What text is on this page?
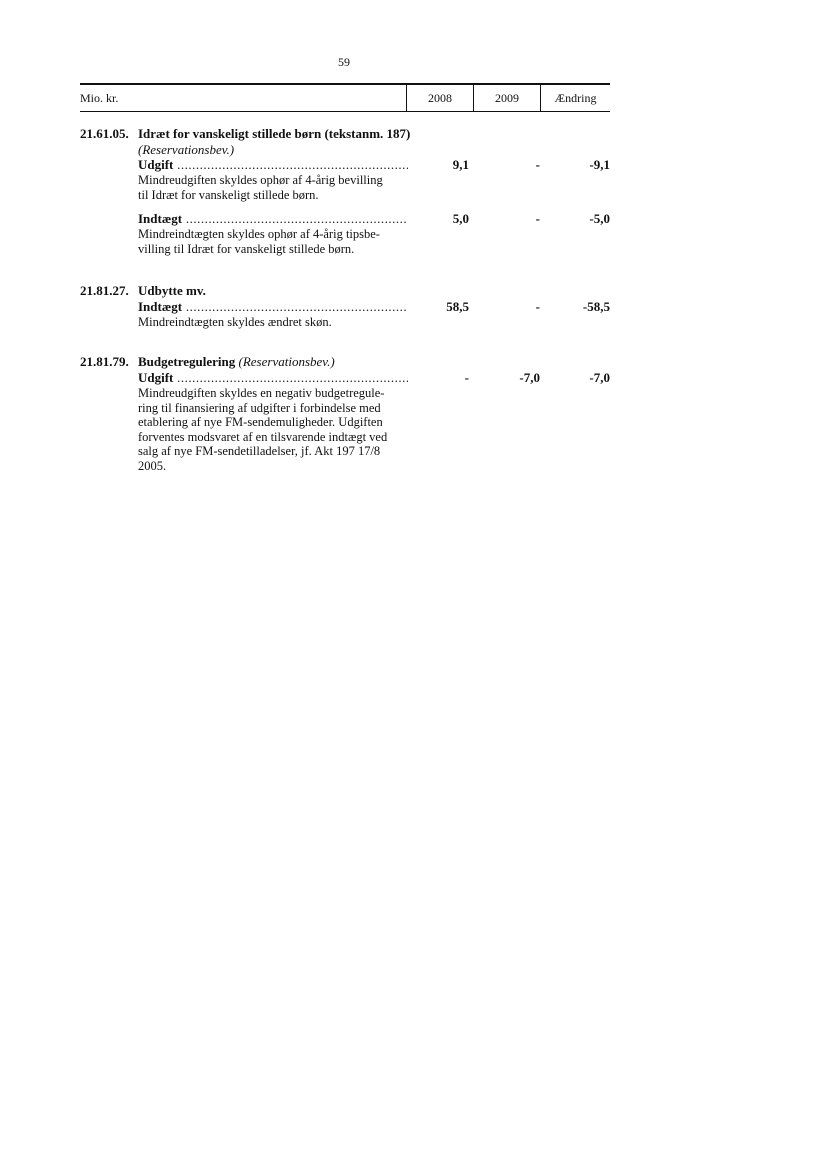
59
Mio. kr.	2008	2009	Ændring
21.61.05. Idræt for vanskeligt stillede børn (tekstanm. 187)
(Reservationsbev.)
Udgift .....	9,1	-	-9,1
Mindreudgiften skyldes ophør af 4-årig bevilling
til Idræt for vanskeligt stillede børn.
Indtægt .....	5,0	-	-5,0
Mindreindtægten skyldes ophør af 4-årig tipsbe-
villing til Idræt for vanskeligt stillede børn.
21.81.27. Udbytte mv.
Indtægt .....	58,5	-	-58,5
Mindreindtægten skyldes ændret skøn.
21.81.79. Budgetregulering (Reservationsbev.)
Udgift .....	-	-7,0	-7,0
Mindreudgiften skyldes en negativ budgetregule-
ring til finansiering af udgifter i forbindelse med
etablering af nye FM-sendemuligheder. Udgiften
forventes modsvaret af en tilsvarende indtægt ved
salg af nye FM-sendetilladelser, jf. Akt 197 17/8
2005.
